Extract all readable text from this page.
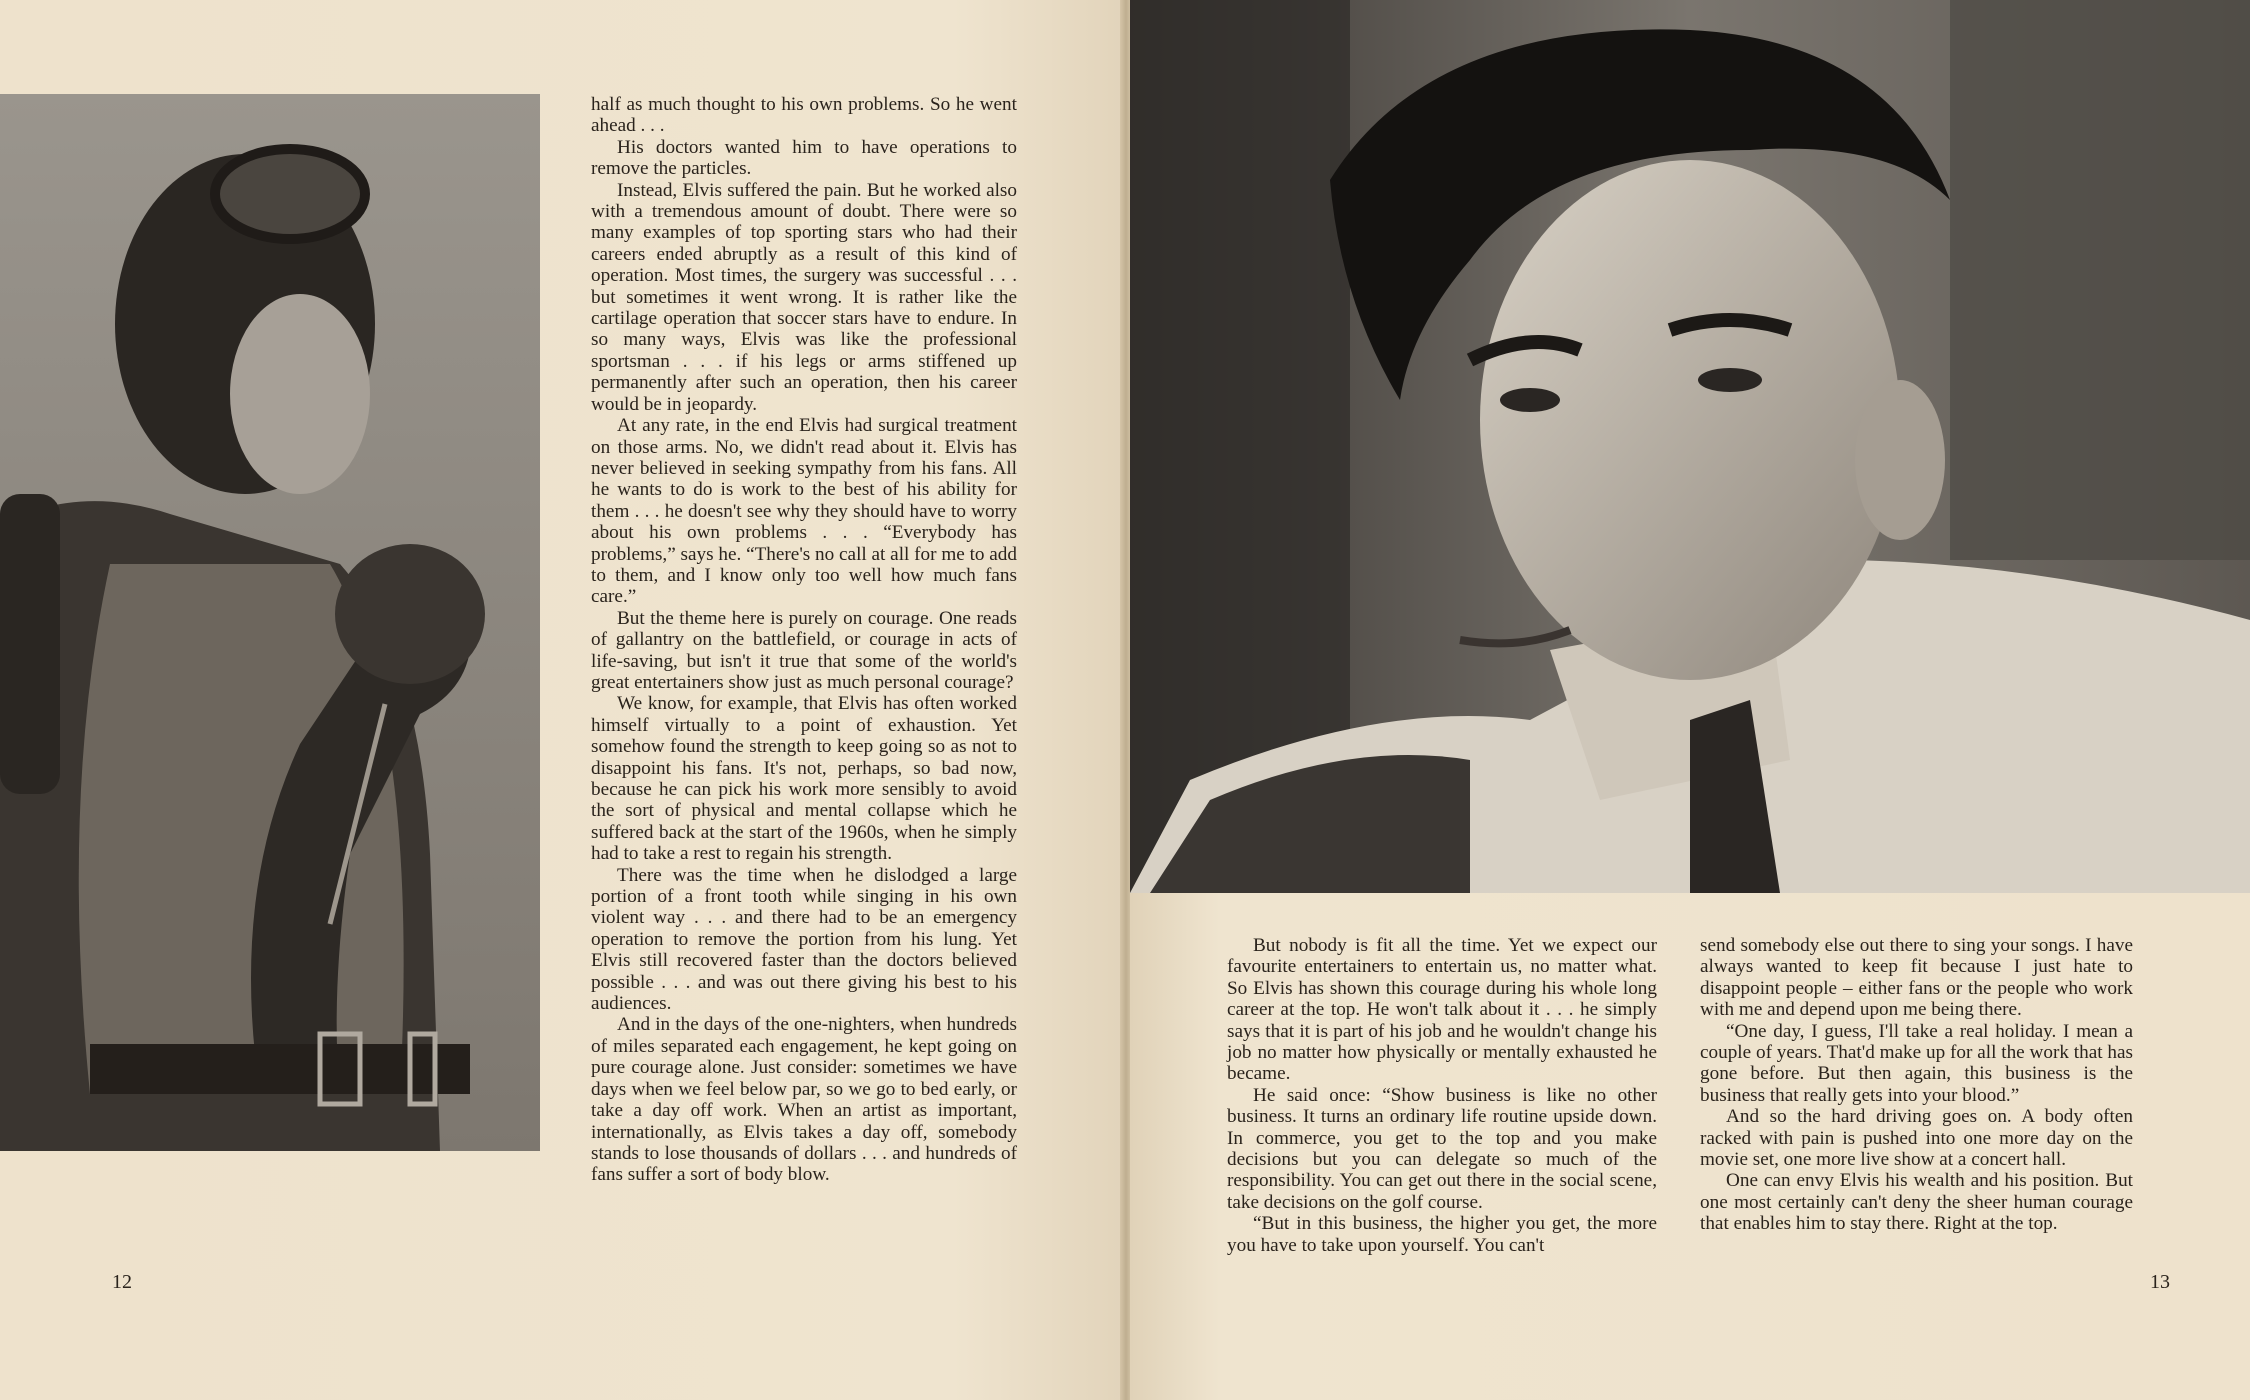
half as much thought to his own problems. So he went ahead . . .

His doctors wanted him to have operations to remove the particles.

Instead, Elvis suffered the pain. But he worked also with a tremendous amount of doubt. There were so many examples of top sporting stars who had their careers ended abruptly as a result of this kind of operation. Most times, the surgery was successful . . . but sometimes it went wrong. It is rather like the cartilage operation that soccer stars have to endure. In so many ways, Elvis was like the professional sportsman . . . if his legs or arms stiffened up permanently after such an operation, then his career would be in jeopardy.

At any rate, in the end Elvis had surgical treatment on those arms. No, we didn't read about it. Elvis has never believed in seeking sympathy from his fans. All he wants to do is work to the best of his ability for them . . . he doesn't see why they should have to worry about his own problems . . . “Everybody has problems,” says he. “There's no call at all for me to add to them, and I know only too well how much fans care.”

But the theme here is purely on courage. One reads of gallantry on the battlefield, or courage in acts of life-saving, but isn't it true that some of the world's great entertainers show just as much personal courage?

We know, for example, that Elvis has often worked himself virtually to a point of exhaustion. Yet somehow found the strength to keep going so as not to disappoint his fans. It's not, perhaps, so bad now, because he can pick his work more sensibly to avoid the sort of physical and mental collapse which he suffered back at the start of the 1960s, when he simply had to take a rest to regain his strength.

There was the time when he dislodged a large portion of a front tooth while singing in his own violent way . . . and there had to be an emergency operation to remove the portion from his lung. Yet Elvis still recovered faster than the doctors believed possible . . . and was out there giving his best to his audiences.

And in the days of the one-nighters, when hundreds of miles separated each engagement, he kept going on pure courage alone. Just consider: sometimes we have days when we feel below par, so we go to bed early, or take a day off work. When an artist as important, internationally, as Elvis takes a day off, somebody stands to lose thousands of dollars . . . and hundreds of fans suffer a sort of body blow.

12

But nobody is fit all the time. Yet we expect our favourite entertainers to entertain us, no matter what. So Elvis has shown this courage during his whole long career at the top. He won't talk about it . . . he simply says that it is part of his job and he wouldn't change his job no matter how physically or mentally exhausted he became.

He said once: “Show business is like no other business. It turns an ordinary life routine upside down. In commerce, you get to the top and you make decisions but you can delegate so much of the responsibility. You can get out there in the social scene, take decisions on the golf course.

“But in this business, the higher you get, the more you have to take upon yourself. You can't

send somebody else out there to sing your songs. I have always wanted to keep fit because I just hate to disappoint people – either fans or the people who work with me and depend upon me being there.

“One day, I guess, I'll take a real holiday. I mean a couple of years. That'd make up for all the work that has gone before. But then again, this business is the business that really gets into your blood.”

And so the hard driving goes on. A body often racked with pain is pushed into one more day on the movie set, one more live show at a concert hall.

One can envy Elvis his wealth and his position. But one most certainly can't deny the sheer human courage that enables him to stay there. Right at the top.

13
